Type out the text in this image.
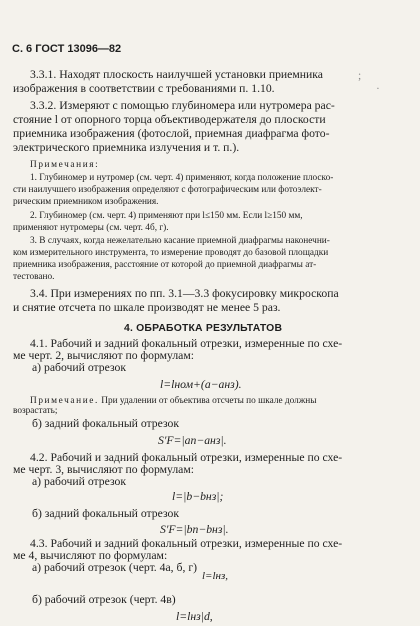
С. 6 ГОСТ 13096—82
3.3.1. Находят плоскость наилучшей установки приемника
изображения в соответствии с требованиями п. 1.10.
;
·
3.3.2. Измеряют с помощью глубиномера или нутромера рас-
стояние l от опорного торца объективодержателя до плоскости
приемника изображения (фотослой, приемная диафрагма фото-
электрического приемника излучения и т. п.).
Примечания:
1. Глубиномер и нутромер (см. черт. 4) применяют, когда положение плоско-
сти наилучшего изображения определяют с фотографическим или фотоэлект-
рическим приемником изображения.
2. Глубиномер (см. черт. 4) применяют при l≤150 мм. Если l≥150 мм,
применяют нутромеры (см. черт. 4б, г).
3. В случаях, когда нежелательно касание приемной диафрагмы наконечни-
ком измерительного инструмента, то измерение проводят до базовой площадки
приемника изображения, расстояние от которой до приемной диафрагмы ат-
тестовано.
3.4. При измерениях по пп. 3.1—3.3 фокусировку микроскопа
и снятие отсчета по шкале производят не менее 5 раз.
4. ОБРАБОТКА РЕЗУЛЬТАТОВ
4.1. Рабочий и задний фокальный отрезки, измеренные по схе-
ме черт. 2, вычисляют по формулам:
а) рабочий отрезок
l=lном+(a−aнз).
Примечание. При удалении от объектива отсчеты по шкале должны
возрастать;
б) задний фокальный отрезок
S′F=|aп−aнз|.
4.2. Рабочий и задний фокальный отрезки, измеренные по схе-
ме черт. 3, вычисляют по формулам:
а) рабочий отрезок
l=|b−bнз|;
б) задний фокальный отрезок
S′F=|bп−bнз|.
4.3. Рабочий и задний фокальный отрезки, измеренные по схе-
ме 4, вычисляют по формулам:
а) рабочий отрезок (черт. 4а, б, г)
l=lнз,
б) рабочий отрезок (черт. 4в)
l=lнз|d,
